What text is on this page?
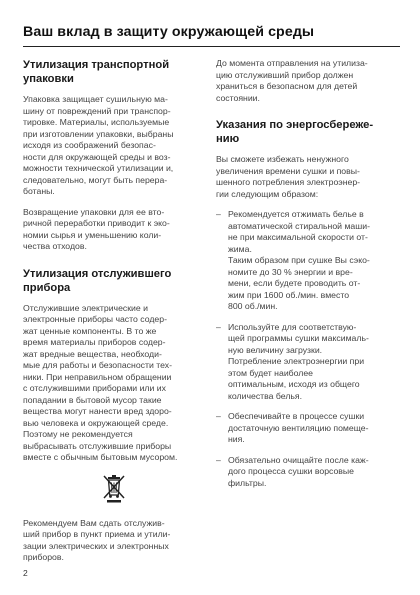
Ваш вклад в защиту окружающей среды
Утилизация транспортной
упаковки

Упаковка защищает сушильную ма-

шину от повреждений при транспор-

тировке. Материалы, используемые

при изготовлении упаковки, выбраны

исходя из соображений безопас-

ности для окружающей среды и воз-

можности технической утилизации и,

следовательно, могут быть перера-

ботаны.

Возвращение упаковки для ее вто-

ричной переработки приводит к эко-

номии сырья и уменьшению коли-

чества отходов.

Утилизация отслужившего
прибора

Отслужившие электрические и

электронные приборы часто содер-

жат ценные компоненты. В то же

время материалы приборов содер-

жат вредные вещества, необходи-

мые для работы и безопасности тех-

ники. При неправильном обращении

с отслужившими приборами или их

попадании в бытовой мусор такие

вещества могут нанести вред здоро-

вью человека и окружающей среде.

Поэтому не рекомендуется

выбрасывать отслужившие приборы

вместе с обычным бытовым мусором.

Рекомендуем Вам сдать отслужив-

ший прибор в пункт приема и утили-

зации электрических и электронных

приборов.

До момента отправления на утилиза-

цию отслуживший прибор должен

храниться в безопасном для детей

состоянии.

Указания по энергосбереже-
нию

Вы сможете избежать ненужного

увеличения времени сушки и повы-

шенного потребления электроэнер-

гии следующим образом:

– Рекомендуется отжимать белье в

автоматической стиральной маши-

не при максимальной скорости от-

жима.

Таким образом при сушке Вы сэко-

номите до 30 % энергии и вре-

мени, если будете проводить от-

жим при 1600 об./мин. вместо

800 об./мин.

– Используйте для соответствую-

щей программы сушки максималь-

ную величину загрузки.

Потребление электроэнергии при

этом будет наиболее

оптимальным, исходя из общего

количества белья.

– Обеспечивайте в процессе сушки

достаточную вентиляцию помеще-

ния.

– Обязательно очищайте после каж-

дого процесса сушки ворсовые

фильтры.

2
